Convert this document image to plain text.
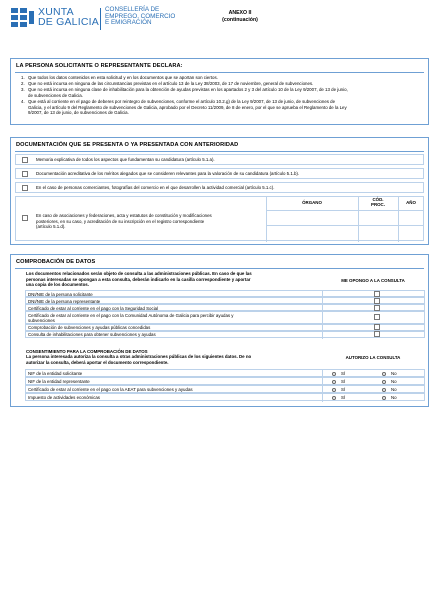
XUNTA
DE GALICIA
CONSELLERÍA DE
EMPREGO, COMERCIO
E EMIGRACIÓN
ANEXO II
(continuación)
LA PERSONA SOLICITANTE O REPRESENTANTE DECLARA:
1. Que todos los datos contenidos en esta solicitud y en los documentos que se aportan son ciertos.
2. Que no está incursa en ninguna de las circunstancias previstas en el artículo 13 de la Ley 38/2003, de 17 de noviembre, general de subvenciones.
3. Que no está incursa en ninguna clase de inhabilitación para la obtención de ayudas previstas en los apartados 2 y 3 del artículo 10 de la Ley 9/2007, de 13 de junio,
de subvenciones de Galicia.
4. Que está al corriente en el pago de deberes por reintegro de subvenciones, conforme el artículo 10.2.g) de la Ley 9/2007, de 13 de junio, de subvenciones de
Galicia, y el artículo 9 del Reglamento de subvenciones de Galicia, aprobado por el Decreto 11/2009, de 8 de enero, por el que se aprueba el Reglamento de la Ley
9/2007, de 13 de junio, de subvenciones de Galicia.
DOCUMENTACIÓN QUE SE PRESENTA O YA PRESENTADA CON ANTERIORIDAD
Memoria explicativa de todos los aspectos que fundamentan su candidatura (artículo 5.1.a).
Documentación acreditativa de los méritos alegados que se consideren relevantes para la valoración de su candidatura (artículo 5.1.b).
En el caso de personas comerciantes, fotografías del comercio en el que desarrollen la actividad comercial (artículo 5.1.c).
En caso de asociaciones y federaciones, acta y estatutos de constitución y modificaciones
posteriores, en su caso, y acreditación de su inscripción en el registro correspondiente
(artículo 5.1.d).
ÓRGANO
CÓD.
PROC.	AÑO
COMPROBACIÓN DE DATOS
Los documentos relacionados serán objeto de consulta a las administraciones públicas. En caso de que las
personas interesadas se opongan a esta consulta, deberán indicarlo en la casilla correspondiente y aportar
una copia de los documentos.
ME OPONGO A LA CONSULTA
DNI/NIE de la persona solicitante
DNI/NIE de la persona representante
Certificado de estar al corriente en el pago con la Seguridad Social
Certificado de estar al corriente en el pago con la Comunidad Autónoma de Galicia para percibir ayudas y
subvenciones
Comprobación de subvenciones y ayudas públicas concedidas
Consulta de inhabilitaciones para obtener subvenciones y ayudas
CONSENTIMIENTO PARA LA COMPROBACIÓN DE DATOS
La persona interesada autoriza la consulta a otras administraciones públicas de los siguientes datos. De no
autorizar la consulta, deberá aportar el documento correspondiente.
AUTORIZO LA CONSULTA
NIF de la entidad solicitante	SÍ	No
NIF de la entidad representante	SÍ	No
Certificado de estar al corriente en el pago con la AEAT para subvenciones y ayudas	SÍ	No
Impuesto de actividades económicas	SÍ	No
